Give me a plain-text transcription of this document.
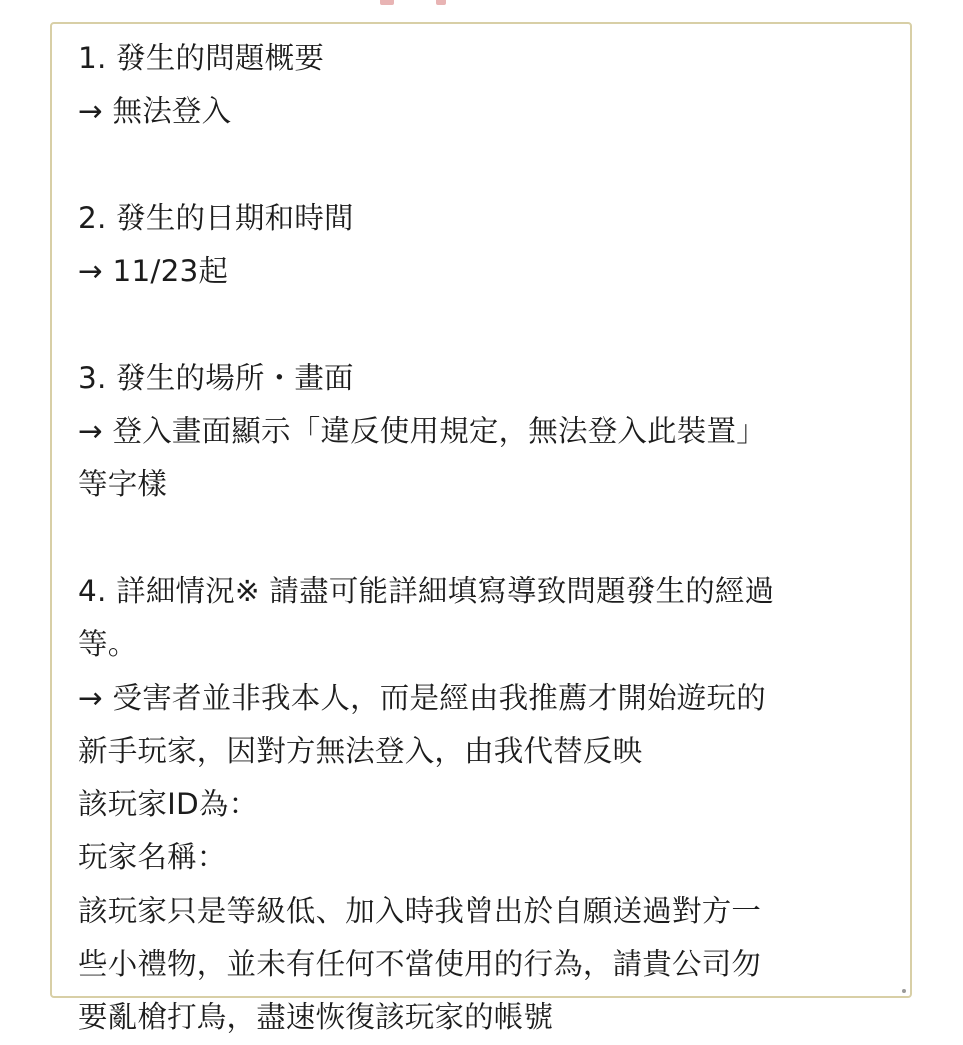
1. 發生的問題概要
→ 無法登入
2. 發生的日期和時間
→ 11/23起
3. 發生的場所・畫面
→ 登入畫面顯示「違反使用規定，無法登入此裝置」
等字樣
4. 詳細情況※ 請盡可能詳細填寫導致問題發生的經過
等。
→ 受害者並非我本人，而是經由我推薦才開始遊玩的
新手玩家，因對方無法登入，由我代替反映
該玩家ID為：
玩家名稱：
該玩家只是等級低、加入時我曾出於自願送過對方一
些小禮物，並未有任何不當使用的行為，請貴公司勿
要亂槍打鳥，盡速恢復該玩家的帳號
